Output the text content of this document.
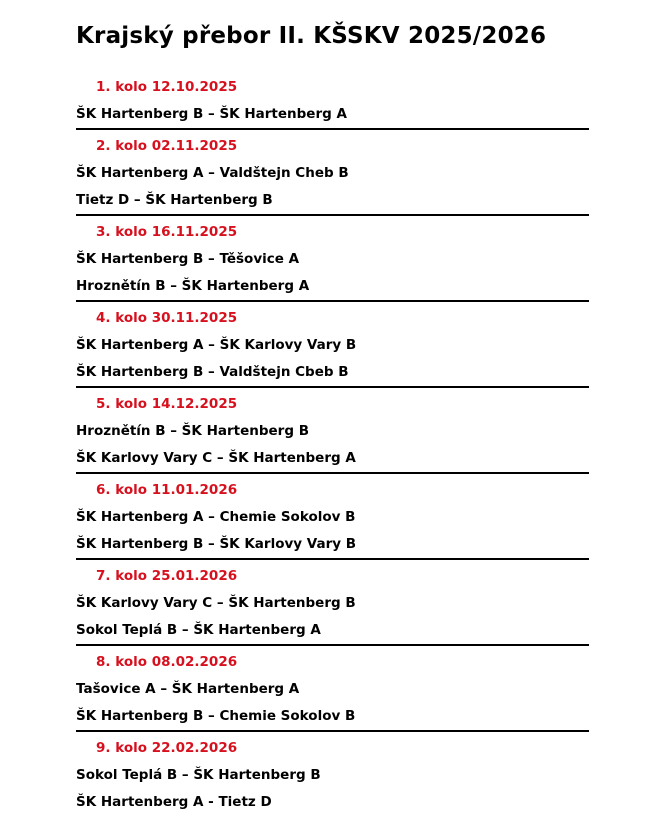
Krajský přebor II. KŠSKV 2025/2026
1. kolo 12.10.2025
ŠK Hartenberg B – ŠK Hartenberg A
2. kolo 02.11.2025
ŠK Hartenberg A – Valdštejn Cheb B
Tietz D – ŠK Hartenberg B
3. kolo 16.11.2025
ŠK Hartenberg B – Těšovice A
Hroznětín B – ŠK Hartenberg A
4. kolo 30.11.2025
ŠK Hartenberg A – ŠK Karlovy Vary B
ŠK Hartenberg B – Valdštejn Cbeb B
5. kolo 14.12.2025
Hroznětín B – ŠK Hartenberg B
ŠK Karlovy Vary C – ŠK Hartenberg A
6. kolo 11.01.2026
ŠK Hartenberg A – Chemie Sokolov B
ŠK Hartenberg B – ŠK Karlovy Vary B
7. kolo 25.01.2026
ŠK Karlovy Vary C – ŠK Hartenberg B
Sokol Teplá B – ŠK Hartenberg A
8. kolo 08.02.2026
Tašovice A – ŠK Hartenberg A
ŠK Hartenberg B – Chemie Sokolov B
9. kolo 22.02.2026
Sokol Teplá B – ŠK Hartenberg B
ŠK Hartenberg A - Tietz D
